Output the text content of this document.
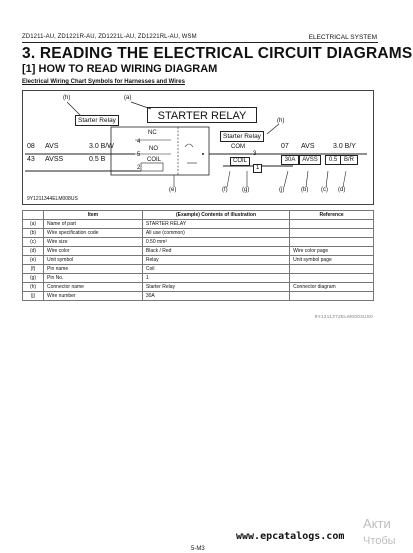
ZD1211-AU, ZD1221R-AU, ZD1221L-AU, ZD1221RL-AU, WSM	ELECTRICAL SYSTEM
3. READING THE ELECTRICAL CIRCUIT DIAGRAMS
[1] HOW TO READ WIRING DIAGRAM
Electrical Wiring Chart Symbols for Harnesses and Wires
(h)	(a)
STARTER RELAY
Starter Relay	(h)
Starter Relay
NC
4
NO
5
COIL
2
COM
3
COIL
1
08 AVS	3.0 B/W
43 AVSS	0.5 B
07 AVS	3.0 B/Y
30A	AVSS	0.5	B/R
(e)	(f) (g)	(j)	(b) (c) (d)
9Y1211344ELM008US
	Item	(Example) Contents of illustration	Reference
(a)	Name of part	STARTER RELAY	
(b)	Wire specification code	All use (common)	
(c)	Wire size	0.50 mm²	
(d)	Wire color	Black / Red	Wire color page
(e)	Unit symbol	Relay	Unit symbol page
(f)	Pin name	Coil	
(g)	Pin No.	1	
(h)	Connector name	Starter Relay	Connector diagram
(j)	Wire number	30A	
9Y1211372ELM0003US0
www.epcatalogs.com
Акти
Чтобы
5-M3
